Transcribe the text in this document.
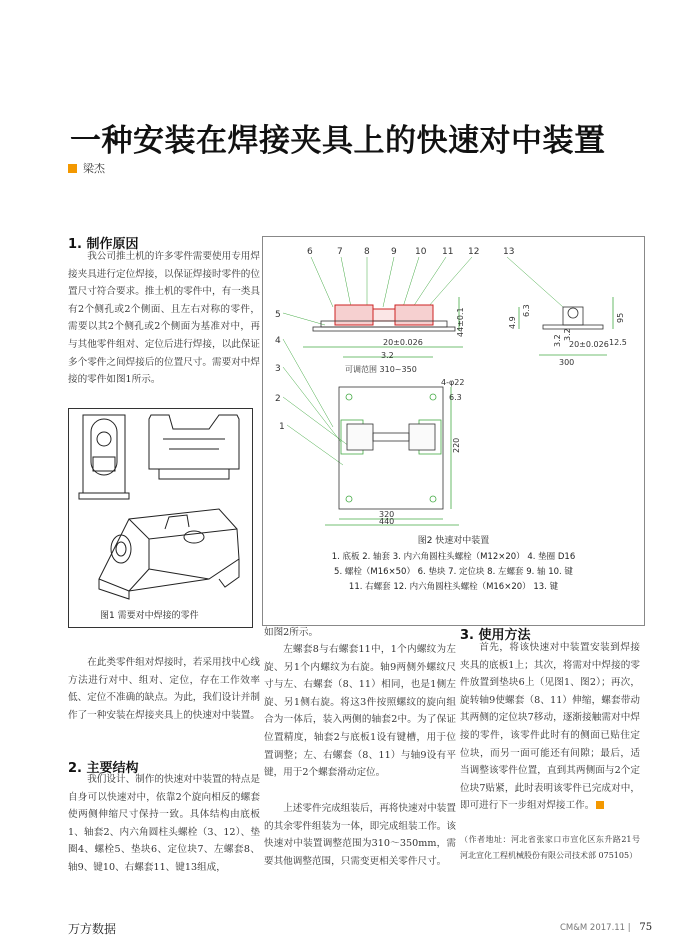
一种安装在焊接夹具上的快速对中装置
梁杰
1. 制作原因
我公司推土机的许多零件需要使用专用焊接夹具进行定位焊接，以保证焊接时零件的位置尺寸符合要求。推土机的零件中，有一类具有2个侧孔或2个侧面、且左右对称的零件，需要以其2个侧孔或2个侧面为基准对中，再与其他零件组对、定位后进行焊接，以此保证多个零件之间焊接后的位置尺寸。需要对中焊接的零件如图1所示。
图1 需要对中焊接的零件
在此类零件组对焊接时，若采用找中心线方法进行对中、组对、定位，存在工作效率低、定位不准确的缺点。为此，我们设计并制作了一种安装在焊接夹具上的快速对中装置。
2. 主要结构
我们设计、制作的快速对中装置的特点是自身可以快速对中，依靠2个旋向相反的螺套使两侧伸缩尺寸保持一致。具体结构由底板1、轴套2、内六角圆柱头螺栓（3、12）、垫圈4、螺栓5、垫块6、定位块7、左螺套8、轴9、键10、右螺套11、键13组成，
6	7 8 9 10 11 12	13
5
4
3
2
1
20±0.026
3.2
可调范围 310~350
44±0.1	4.9
6.3
95
3.2 3.2
20±0.026 12.5
300
4-φ22
6.3
220
320
440
图2 快速对中装置
1. 底板 2. 轴套 3. 内六角圆柱头螺栓（M12×20） 4. 垫圈 D16
5. 螺栓（M16×50） 6. 垫块 7. 定位块 8. 左螺套 9. 轴 10. 键
11. 右螺套 12. 内六角圆柱头螺栓（M16×20） 13. 键
如图2所示。
左螺套8与右螺套11中，1个内螺纹为左旋、另1个内螺纹为右旋。轴9两侧外螺纹尺寸与左、右螺套（8、11）相同，也是1侧左旋、另1侧右旋。将这3件按照螺纹的旋向组合为一体后，装入两侧的轴套2中。为了保证位置精度，轴套2与底板1设有键槽，用于位置调整；左、右螺套（8、11）与轴9设有平键，用于2个螺套滑动定位。
上述零件完成组装后，再将快速对中装置的其余零件组装为一体，即完成组装工作。该快速对中装置调整范围为310～350mm，需要其他调整范围，只需变更相关零件尺寸。
3. 使用方法
首先，将该快速对中装置安装到焊接夹具的底板1上；其次，将需对中焊接的零件放置到垫块6上（见图1、图2）；再次，旋转轴9使螺套（8、11）伸缩，螺套带动其两侧的定位块7移动，逐渐接触需对中焊接的零件，该零件此时有的侧面已贴住定位块，而另一面可能还有间隙；最后，适当调整该零件位置，直到其两侧面与2个定位块7贴紧，此时表明该零件已完成对中，即可进行下一步组对焊接工作。
（作者地址：河北省张家口市宣化区东升路21号 河北宣化工程机械股份有限公司技术部 075105）
万方数据	CM&M 2017.11 | 75
